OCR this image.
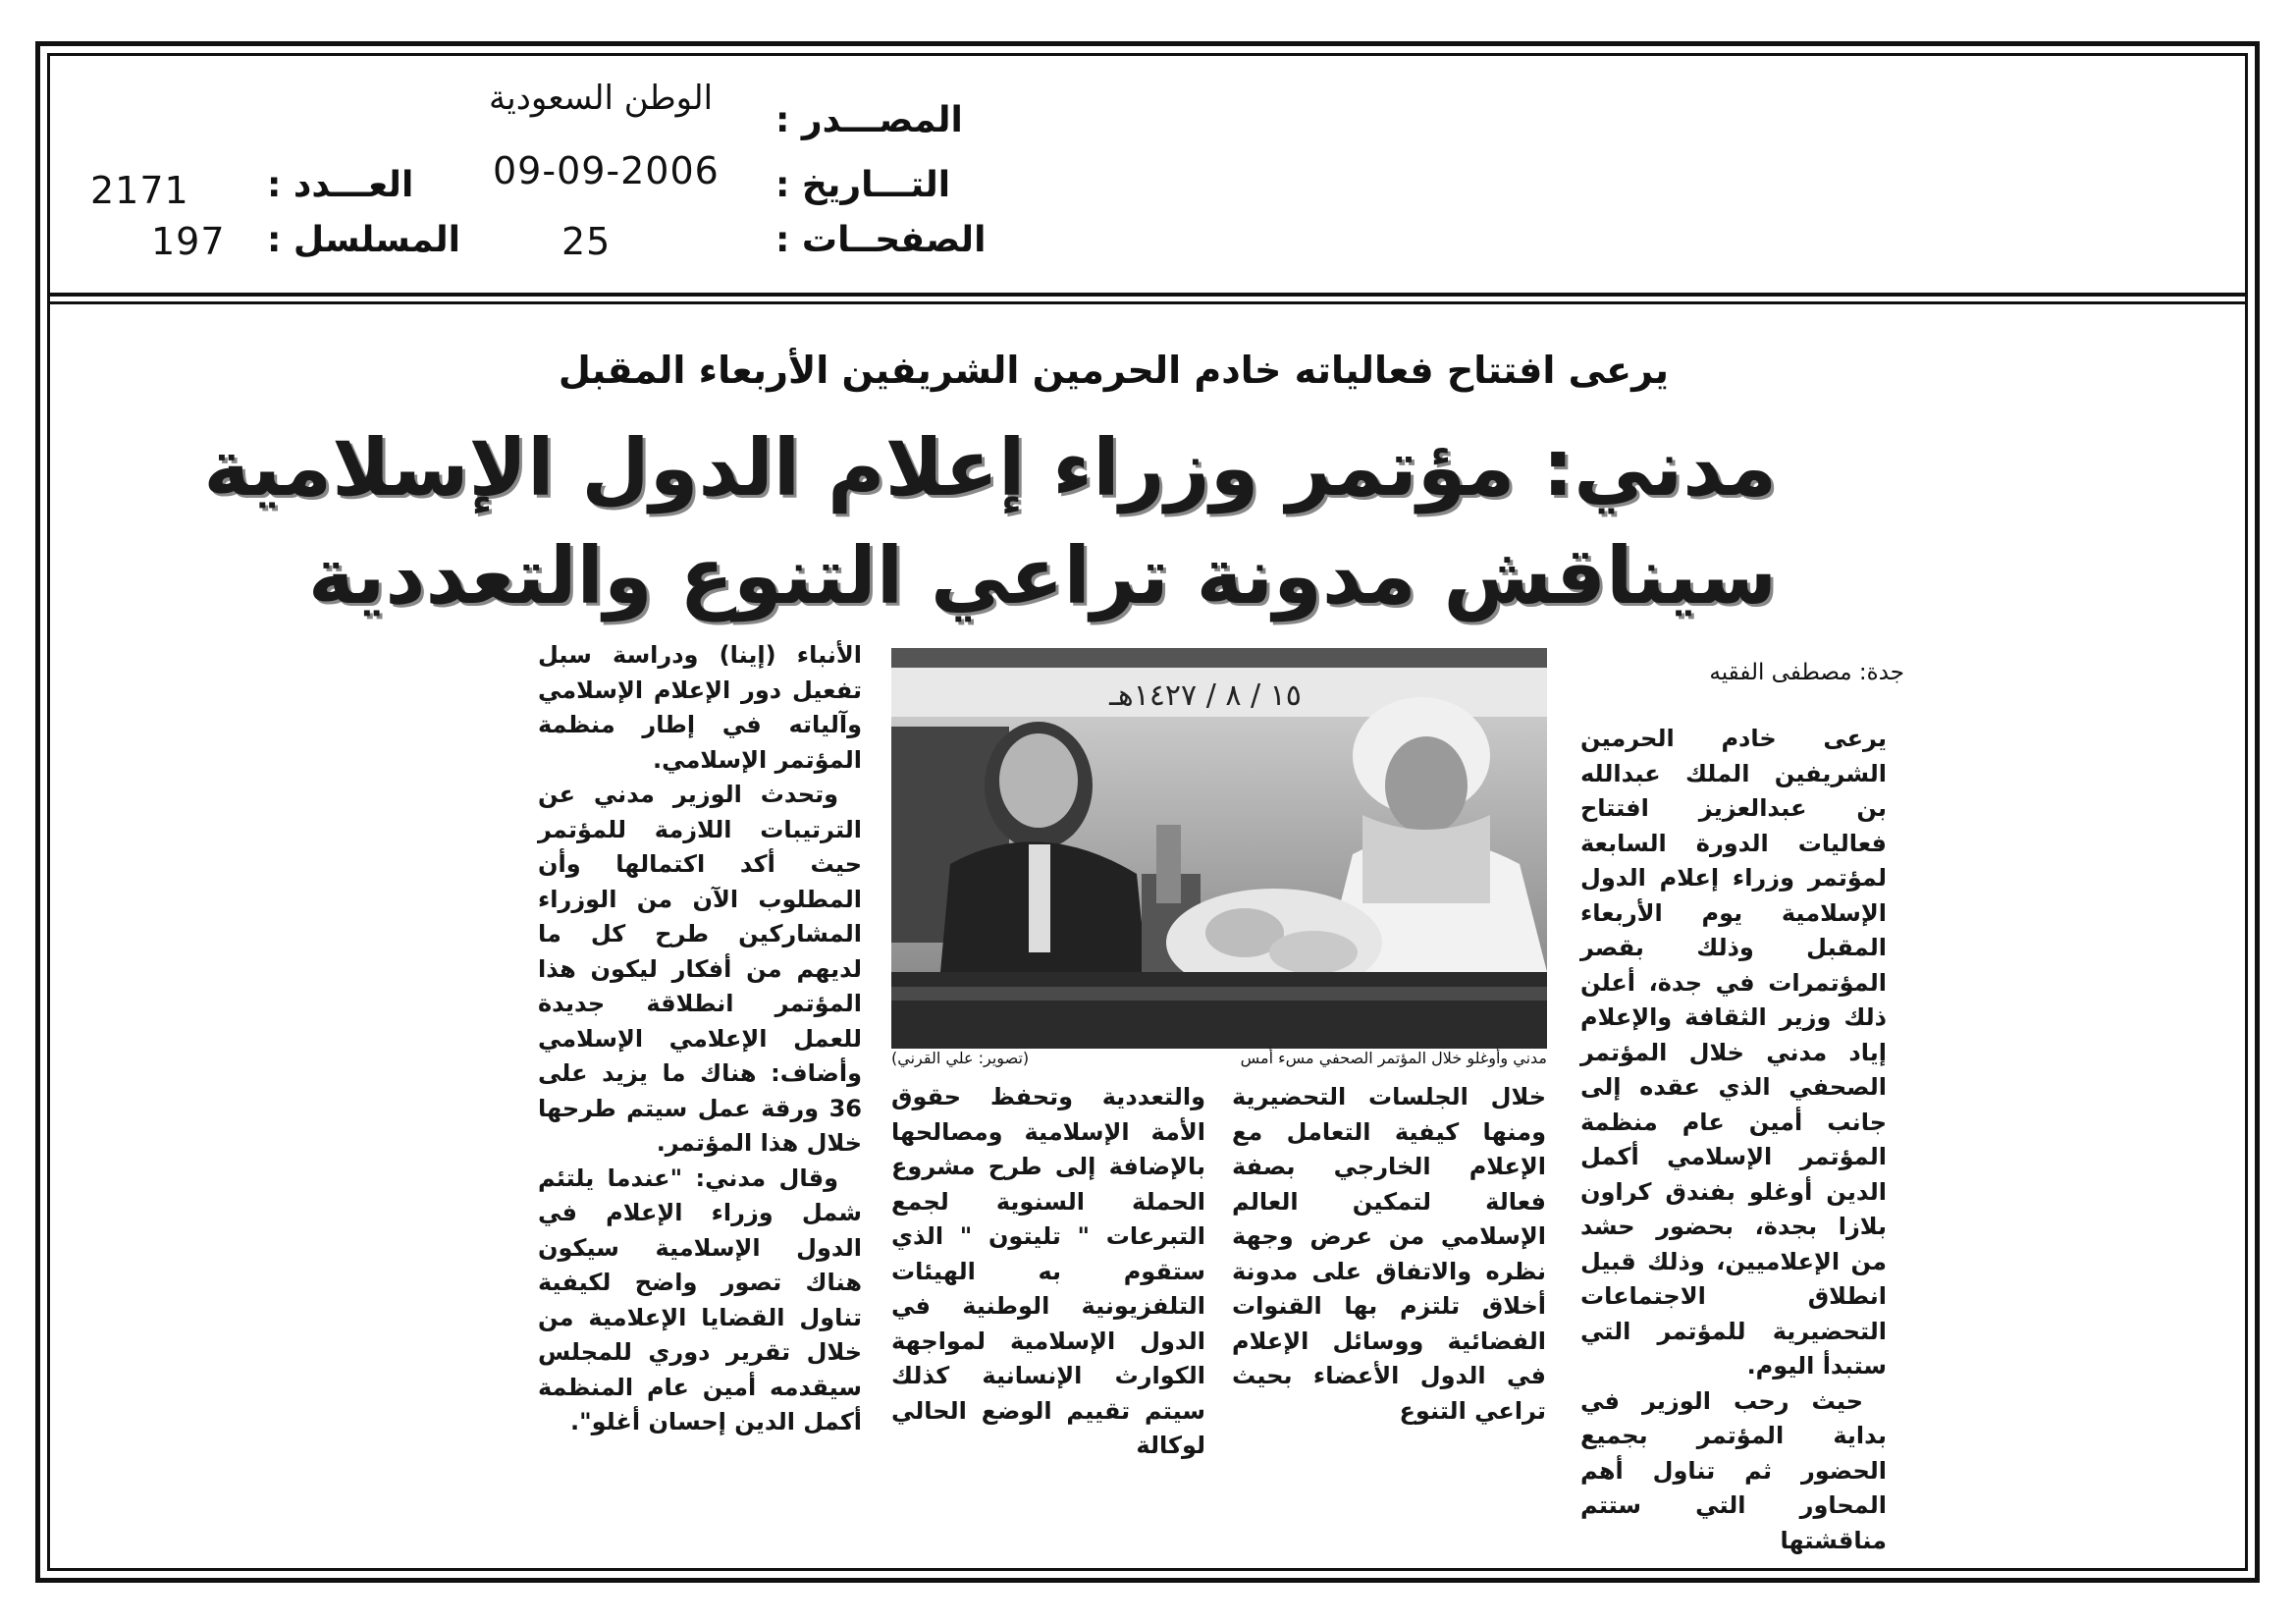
المصـــدر :
التـــاريخ :
الصفحــات :
الوطن السعودية
09-09-2006
25
العـــدد :
المسلسل :
2171
197
يرعى افتتاح فعالياته خادم الحرمين الشريفين الأربعاء المقبل
مدني: مؤتمر وزراء إعلام الدول الإسلامية
سيناقش مدونة تراعي التنوع والتعددية
جدة: مصطفى الفقيه

يرعى خادم الحرمين الشريفين الملك عبدالله بن عبدالعزيز افتتاح فعاليات الدورة السابعة لمؤتمر وزراء إعلام الدول الإسلامية يوم الأربعاء المقبل وذلك بقصر المؤتمرات في جدة، أعلن ذلك وزير الثقافة والإعلام إياد مدني خلال المؤتمر الصحفي الذي عقده إلى جانب أمين عام منظمة المؤتمر الإسلامي أكمل الدين أوغلو بفندق كراون بلازا بجدة، بحضور حشد من الإعلاميين، وذلك قبيل انطلاق الاجتماعات التحضيرية للمؤتمر التي ستبدأ اليوم.

حيث رحب الوزير في بداية المؤتمر بجميع الحضور ثم تناول أهم المحاور التي ستتم مناقشتها

١٥ / ٨ / ١٤٢٧هـ
مدني وأوغلو خلال المؤتمر الصحفي مسء أمس
(تصوير: علي القرني)

خلال الجلسات التحضيرية ومنها كيفية التعامل مع الإعلام الخارجي بصفة فعالة لتمكين العالم الإسلامي من عرض وجهة نظره والاتفاق على مدونة أخلاق تلتزم بها القنوات الفضائية ووسائل الإعلام في الدول الأعضاء بحيث تراعي التنوع

والتعددية وتحفظ حقوق الأمة الإسلامية ومصالحها بالإضافة إلى طرح مشروع الحملة السنوية لجمع التبرعات " تليتون " الذي ستقوم به الهيئات التلفزيونية الوطنية في الدول الإسلامية لمواجهة الكوارث الإنسانية كذلك سيتم تقييم الوضع الحالي لوكالة

الأنباء (إينا) ودراسة سبل تفعيل دور الإعلام الإسلامي وآلياته في إطار منظمة المؤتمر الإسلامي.

وتحدث الوزير مدني عن الترتيبات اللازمة للمؤتمر حيث أكد اكتمالها وأن المطلوب الآن من الوزراء المشاركين طرح كل ما لديهم من أفكار ليكون هذا المؤتمر انطلاقة جديدة للعمل الإعلامي الإسلامي وأضاف: هناك ما يزيد على 36 ورقة عمل سيتم طرحها خلال هذا المؤتمر.

وقال مدني: "عندما يلتئم شمل وزراء الإعلام في الدول الإسلامية سيكون هناك تصور واضح لكيفية تناول القضايا الإعلامية من خلال تقرير دوري للمجلس سيقدمه أمين عام المنظمة أكمل الدين إحسان أغلو".
